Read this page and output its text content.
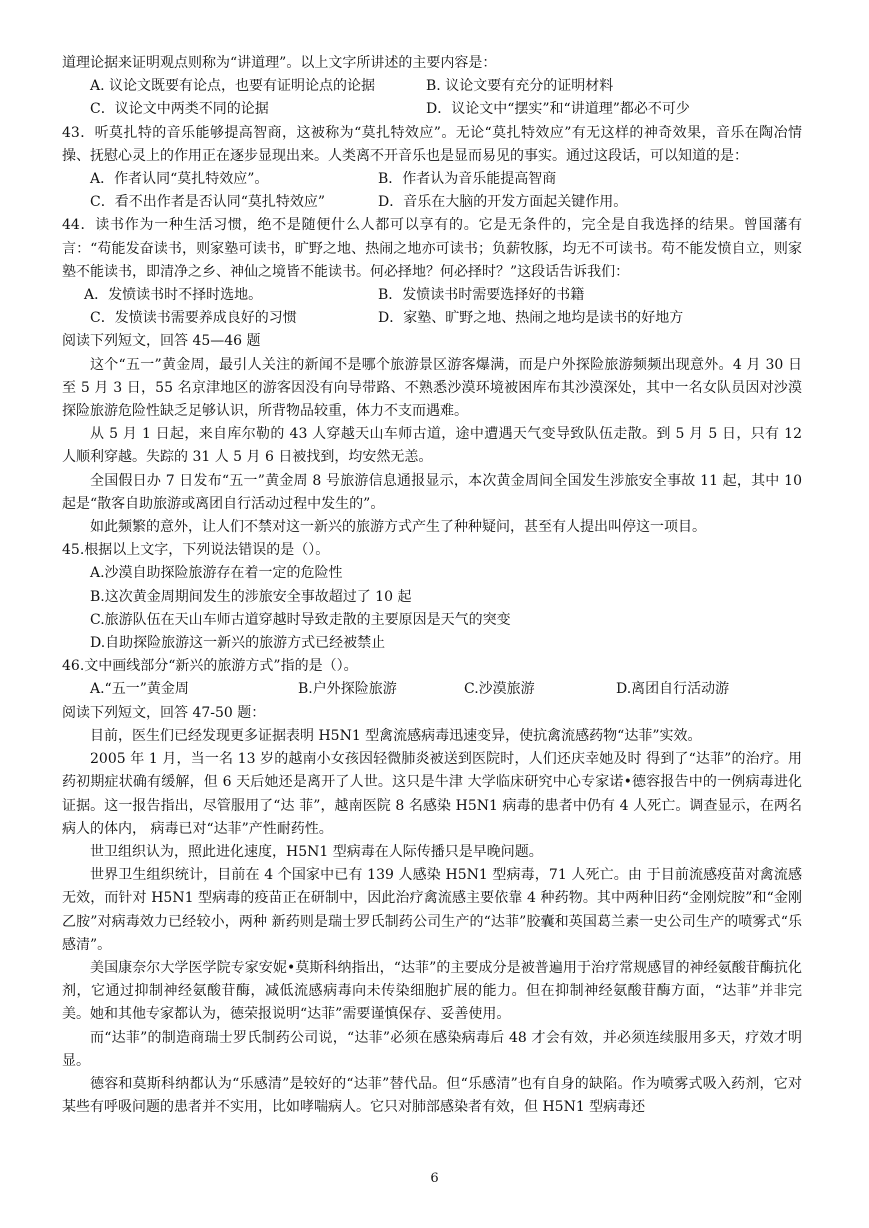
道理论据来证明观点则称为“讲道理”。以上文字所讲述的主要内容是：
A. 议论文既要有论点，也要有证明论点的论据	B. 议论文要有充分的证明材料
C．议论文中两类不同的论据	D．议论文中“摆实”和“讲道理”都必不可少
43．听莫扎特的音乐能够提高智商，这被称为“莫扎特效应”。无论“莫扎特效应”有无这样的神奇效果，音乐在陶冶情操、抚慰心灵上的作用正在逐步显现出来。人类离不开音乐也是显而易见的事实。通过这段话，可以知道的是：
A．作者认同“莫扎特效应”。	B．作者认为音乐能提高智商
C．看不出作者是否认同“莫扎特效应”	D．音乐在大脑的开发方面起关键作用。
44．读书作为一种生活习惯，绝不是随便什么人都可以享有的。它是无条件的，完全是自我选择的结果。曾国藩有言：“苟能发奋读书，则家塾可读书，旷野之地、热闹之地亦可读书；负薪牧豚，均无不可读书。苟不能发愤自立，则家塾不能读书，即清净之乡、神仙之境皆不能读书。何必择地？何必择时？”这段话告诉我们：
A．发愤读书时不择时选地。	B．发愤读书时需要选择好的书籍
C．发愤读书需要养成良好的习惯	D．家塾、旷野之地、热闹之地均是读书的好地方
阅读下列短文，回答 45—46 题
这个“五一”黄金周，最引人关注的新闻不是哪个旅游景区游客爆满，而是户外探险旅游频频出现意外。4 月 30 日至 5 月 3 日，55 名京津地区的游客因没有向导带路、不熟悉沙漠环境被困库布其沙漠深处，其中一名女队员因对沙漠探险旅游危险性缺乏足够认识，所背物品较重，体力不支而遇难。
从 5 月 1 日起，来自库尔勒的 43 人穿越天山车师古道，途中遭遇天气变导致队伍走散。到 5 月 5 日，只有 12 人顺利穿越。失踪的 31 人 5 月 6 日被找到，均安然无恙。
全国假日办 7 日发布“五一”黄金周 8 号旅游信息通报显示，本次黄金周间全国发生涉旅安全事故 11 起，其中 10 起是“散客自助旅游或离团自行活动过程中发生的”。
如此频繁的意外，让人们不禁对这一新兴的旅游方式产生了种种疑问，甚至有人提出叫停这一项目。
45.根据以上文字，下列说法错误的是（）。
A.沙漠自助探险旅游存在着一定的危险性
B.这次黄金周期间发生的涉旅安全事故超过了 10 起
C.旅游队伍在天山车师古道穿越时导致走散的主要原因是天气的突变
D.自助探险旅游这一新兴的旅游方式已经被禁止
46.文中画线部分“新兴的旅游方式”指的是（）。
A.“五一”黄金周	B.户外探险旅游	C.沙漠旅游	D.离团自行活动游
阅读下列短文，回答 47-50 题：
目前，医生们已经发现更多证据表明 H5N1 型禽流感病毒迅速变异，使抗禽流感药物“达菲”实效。
2005 年 1 月，当一名 13 岁的越南小女孩因轻微肺炎被送到医院时，人们还庆幸她及时 得到了“达菲”的治疗。用药初期症状确有缓解，但 6 天后她还是离开了人世。这只是牛津 大学临床研究中心专家诺•德容报告中的一例病毒进化证据。这一报告指出，尽管服用了“达 菲”，越南医院 8 名感染 H5N1 病毒的患者中仍有 4 人死亡。调查显示，在两名病人的体内， 病毒已对“达菲”产性耐药性。
世卫组织认为，照此进化速度，H5N1 型病毒在人际传播只是早晚问题。
世界卫生组织统计，目前在 4 个国家中已有 139 人感染 H5N1 型病毒，71 人死亡。由 于目前流感疫苗对禽流感无效，而针对 H5N1 型病毒的疫苗正在研制中，因此治疗禽流感主要依靠 4 种药物。其中两种旧药“金刚烷胺”和“金刚乙胺”对病毒效力已经较小，两种 新药则是瑞士罗氏制药公司生产的“达菲”胶囊和英国葛兰素一史公司生产的喷雾式“乐感清”。
美国康奈尔大学医学院专家安妮•莫斯科纳指出，“达菲”的主要成分是被普遍用于治疗常规感冒的神经氨酸苷酶抗化剂，它通过抑制神经氨酸苷酶，减低流感病毒向未传染细胞扩展的能力。但在抑制神经氨酸苷酶方面，“达菲”并非完美。她和其他专家都认为，德荣报说明“达菲”需要谨慎保存、妥善使用。
而“达菲”的制造商瑞士罗氏制药公司说，“达菲”必须在感染病毒后 48 才会有效，并必须连续服用多天，疗效才明显。
德容和莫斯科纳都认为“乐感清”是较好的“达菲”替代品。但“乐感清”也有自身的缺陷。作为喷雾式吸入药剂，它对某些有呼吸问题的患者并不实用，比如哮喘病人。它只对肺部感染者有效，但 H5N1 型病毒还
6
